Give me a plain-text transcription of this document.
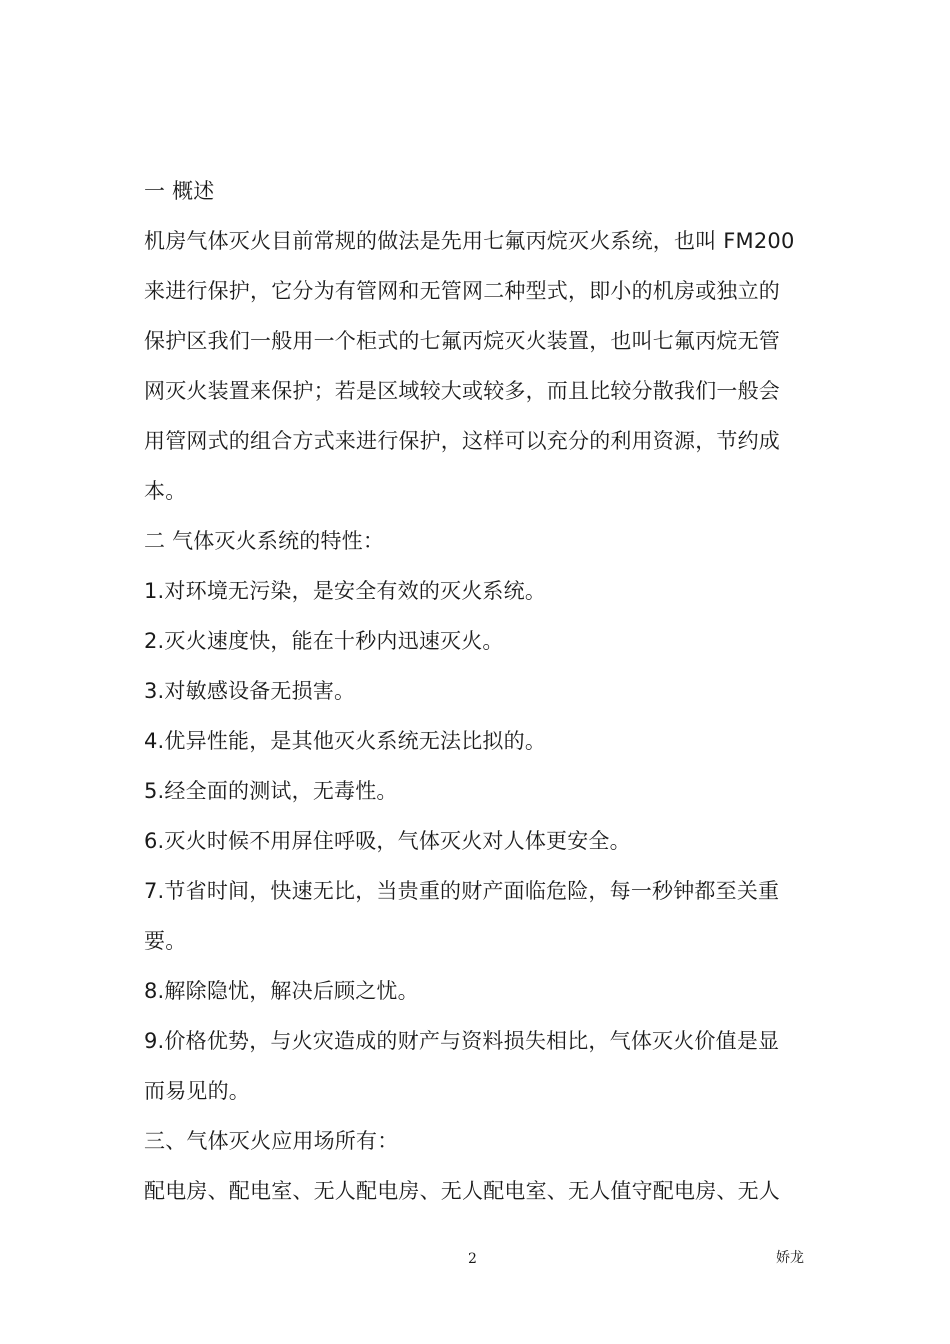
一 概述
机房气体灭火目前常规的做法是先用七氟丙烷灭火系统，也叫 FM200
来进行保护，它分为有管网和无管网二种型式，即小的机房或独立的
保护区我们一般用一个柜式的七氟丙烷灭火装置，也叫七氟丙烷无管
网灭火装置来保护；若是区域较大或较多，而且比较分散我们一般会
用管网式的组合方式来进行保护，这样可以充分的利用资源，节约成
本。
二 气体灭火系统的特性：
1.对环境无污染，是安全有效的灭火系统。
2.灭火速度快，能在十秒内迅速灭火。
3.对敏感设备无损害。
4.优异性能，是其他灭火系统无法比拟的。
5.经全面的测试，无毒性。
6.灭火时候不用屏住呼吸，气体灭火对人体更安全。
7.节省时间，快速无比，当贵重的财产面临危险，每一秒钟都至关重
要。
8.解除隐忧，解决后顾之忧。
9.价格优势，与火灾造成的财产与资料损失相比，气体灭火价值是显
而易见的。
三、气体灭火应用场所有：
配电房、配电室、无人配电房、无人配电室、无人值守配电房、无人
2	娇龙
